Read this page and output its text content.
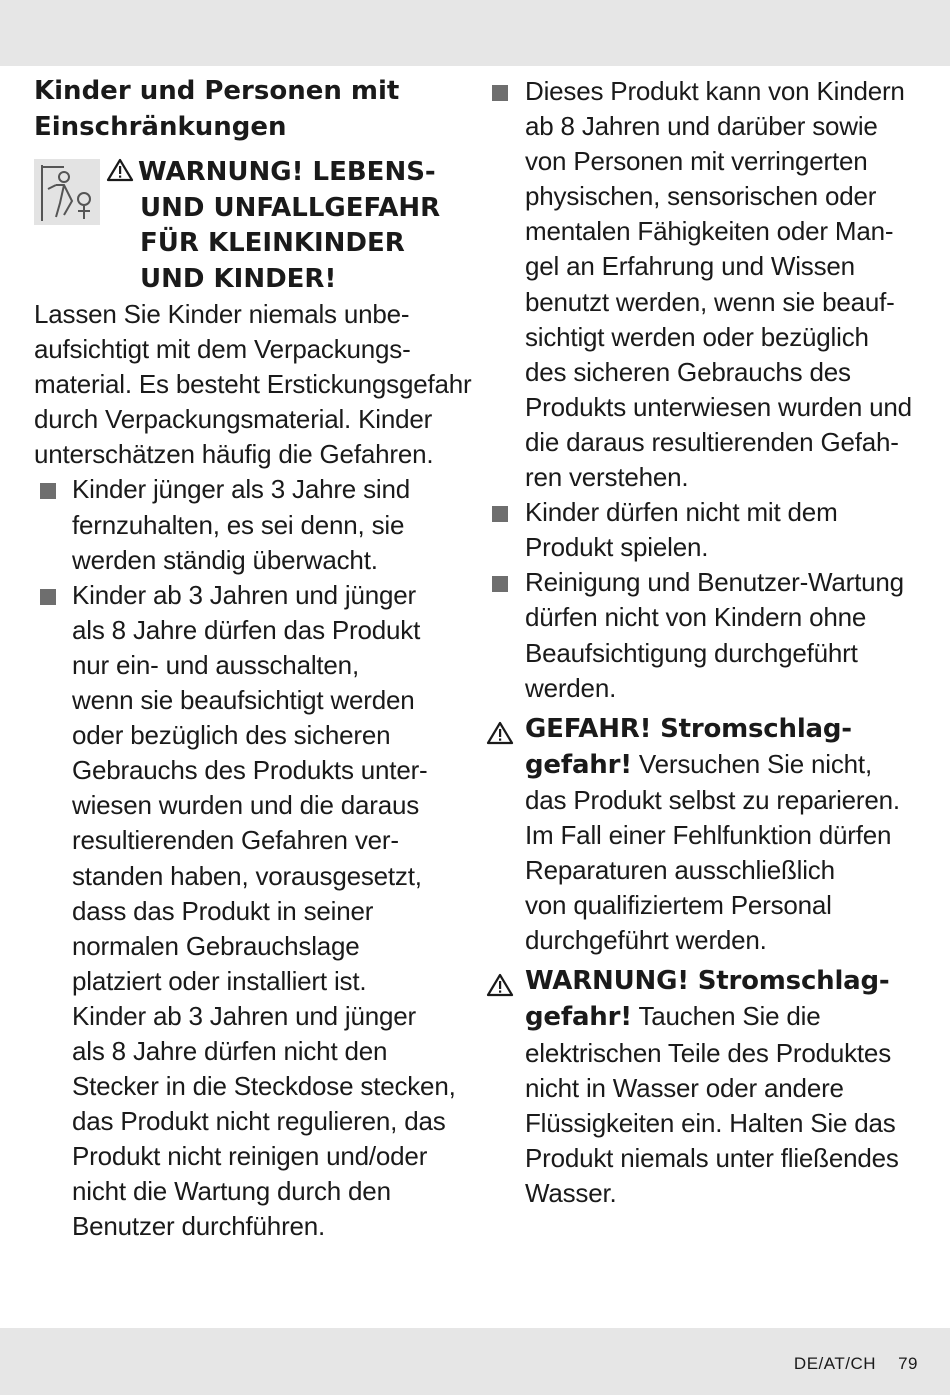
Kinder und Personen mit
Einschränkungen
WARNUNG! LEBENS-
UND UNFALLGEFAHR
FÜR KLEINKINDER
UND KINDER!
Lassen Sie Kinder niemals unbe-
aufsichtigt mit dem Verpackungs-
material. Es besteht Erstickungsgefahr
durch Verpackungsmaterial. Kinder
unterschätzen häufig die Gefahren.
Kinder jünger als 3 Jahre sind
fernzuhalten, es sei denn, sie
werden ständig überwacht.
Kinder ab 3 Jahren und jünger
als 8 Jahre dürfen das Produkt
nur ein- und ausschalten,
wenn sie beaufsichtigt werden
oder bezüglich des sicheren
Gebrauchs des Produkts unter-
wiesen wurden und die daraus
resultierenden Gefahren ver-
standen haben, vorausgesetzt,
dass das Produkt in seiner
normalen Gebrauchslage
platziert oder installiert ist.
Kinder ab 3 Jahren und jünger
als 8 Jahre dürfen nicht den
Stecker in die Steckdose stecken,
das Produkt nicht regulieren, das
Produkt nicht reinigen und/oder
nicht die Wartung durch den
Benutzer durchführen.
Dieses Produkt kann von Kindern
ab 8 Jahren und darüber sowie
von Personen mit verringerten
physischen, sensorischen oder
mentalen Fähigkeiten oder Man-
gel an Erfahrung und Wissen
benutzt werden, wenn sie beauf-
sichtigt werden oder bezüglich
des sicheren Gebrauchs des
Produkts unterwiesen wurden und
die daraus resultierenden Gefah-
ren verstehen.
Kinder dürfen nicht mit dem
Produkt spielen.
Reinigung und Benutzer-Wartung
dürfen nicht von Kindern ohne
Beaufsichtigung durchgeführt
werden.
GEFAHR! Stromschlag-
gefahr! Versuchen Sie nicht,
das Produkt selbst zu reparieren.
Im Fall einer Fehlfunktion dürfen
Reparaturen ausschließlich
von qualifiziertem Personal
durchgeführt werden.
WARNUNG! Stromschlag-
gefahr! Tauchen Sie die
elektrischen Teile des Produktes
nicht in Wasser oder andere
Flüssigkeiten ein. Halten Sie das
Produkt niemals unter fließendes
Wasser.
DE/AT/CH 79
